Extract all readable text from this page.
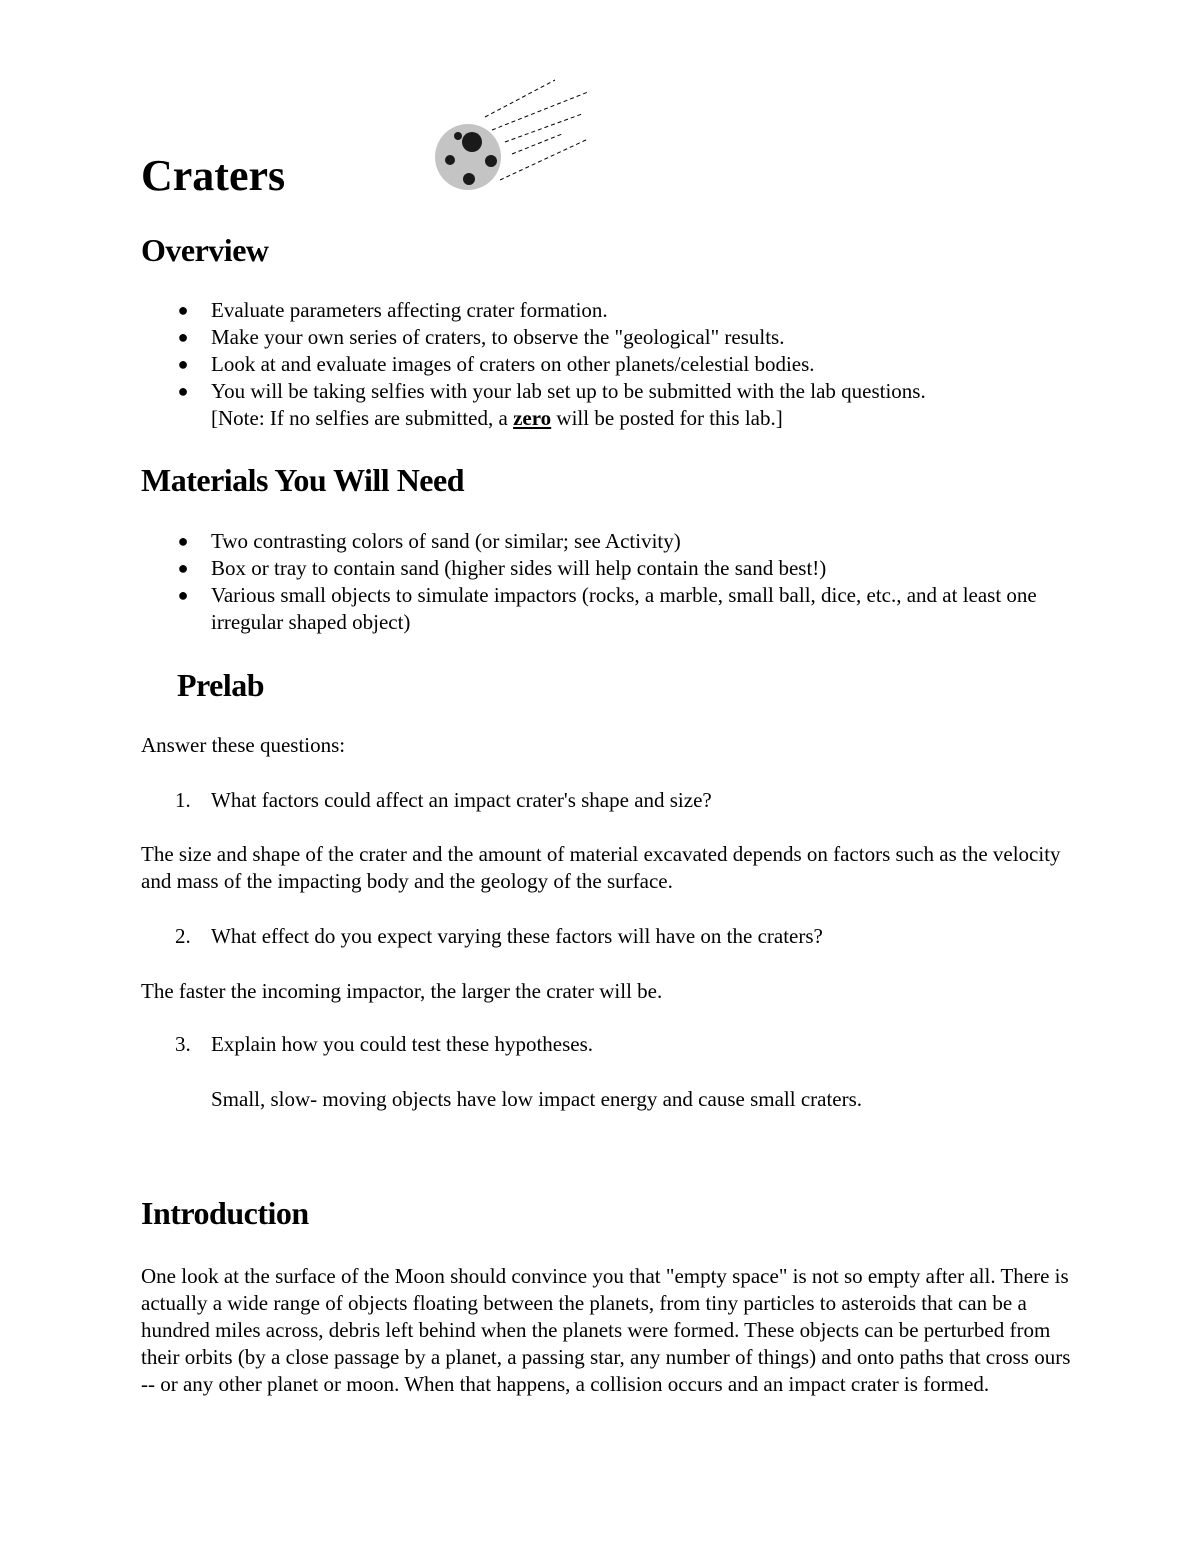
Craters
Overview
● Evaluate parameters affecting crater formation.
● Make your own series of craters, to observe the "geological" results.
● Look at and evaluate images of craters on other planets/celestial bodies.
● You will be taking selfies with your lab set up to be submitted with the lab questions.
[Note: If no selfies are submitted, a zero will be posted for this lab.]
Materials You Will Need
● Two contrasting colors of sand (or similar; see Activity)
● Box or tray to contain sand (higher sides will help contain the sand best!)
● Various small objects to simulate impactors (rocks, a marble, small ball, dice, etc., and at least one irregular shaped object)
Prelab

Answer these questions:

1. What factors could affect an impact crater's shape and size?

The size and shape of the crater and the amount of material excavated depends on factors such as the velocity and mass of the impacting body and the geology of the surface.

2. What effect do you expect varying these factors will have on the craters?

The faster the incoming impactor, the larger the crater will be.

3. Explain how you could test these hypotheses.

Small, slow- moving objects have low impact energy and cause small craters.

Introduction

One look at the surface of the Moon should convince you that "empty space" is not so empty after all. There is actually a wide range of objects floating between the planets, from tiny particles to asteroids that can be a hundred miles across, debris left behind when the planets were formed. These objects can be perturbed from their orbits (by a close passage by a planet, a passing star, any number of things) and onto paths that cross ours -- or any other planet or moon. When that happens, a collision occurs and an impact crater is formed.
